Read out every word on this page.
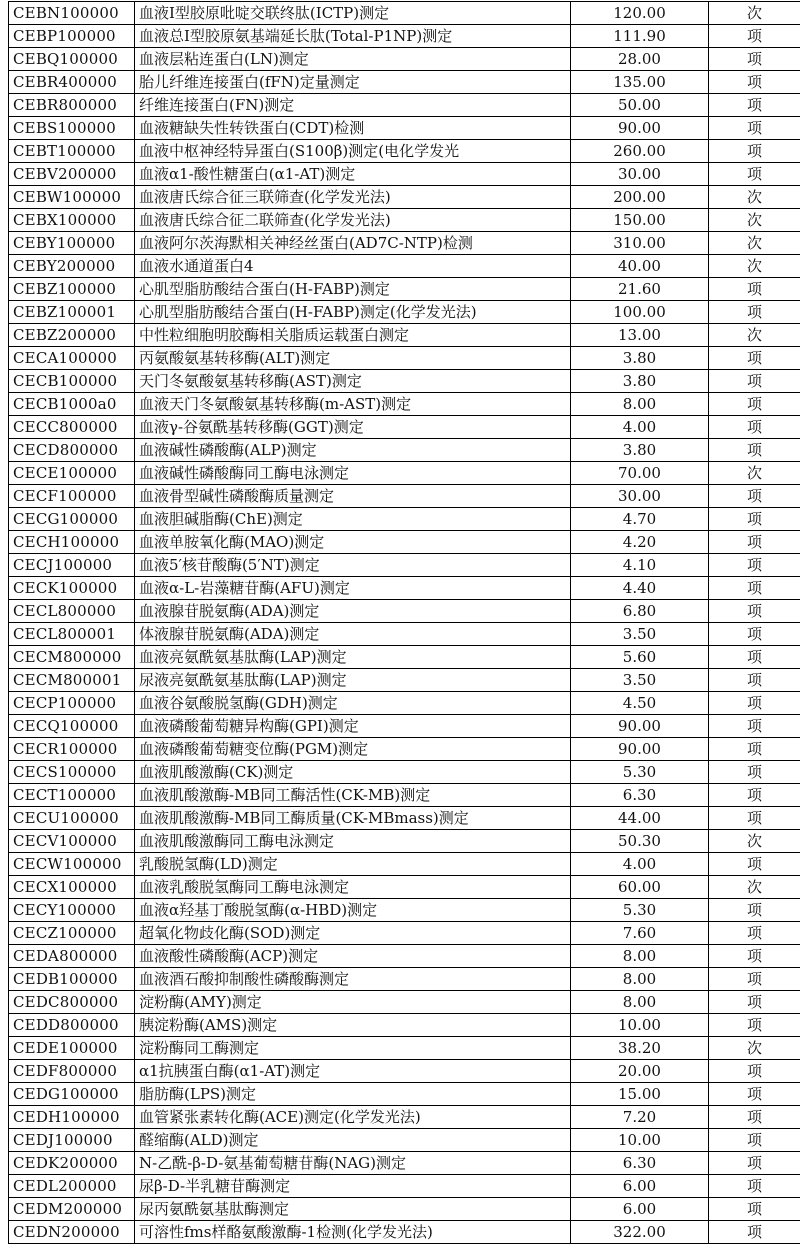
CEBN100000	血液Ⅰ型胶原吡啶交联终肽(ICTP)测定	120.00	次
CEBP100000	血液总Ⅰ型胶原氨基端延长肽(Total-P1NP)测定	111.90	项
CEBQ100000	血液层粘连蛋白(LN)测定	28.00	项
CEBR400000	胎儿纤维连接蛋白(fFN)定量测定	135.00	项
CEBR800000	纤维连接蛋白(FN)测定	50.00	项
CEBS100000	血液糖缺失性转铁蛋白(CDT)检测	90.00	项
CEBT100000	血液中枢神经特异蛋白(S100β)测定(电化学发光	260.00	项
CEBV200000	血液α1-酸性糖蛋白(α1-AT)测定	30.00	项
CEBW100000	血液唐氏综合征三联筛查(化学发光法)	200.00	次
CEBX100000	血液唐氏综合征二联筛查(化学发光法)	150.00	次
CEBY100000	血液阿尔茨海默相关神经丝蛋白(AD7C-NTP)检测	310.00	次
CEBY200000	血液水通道蛋白4	40.00	次
CEBZ100000	心肌型脂肪酸结合蛋白(H-FABP)测定	21.60	项
CEBZ100001	心肌型脂肪酸结合蛋白(H-FABP)测定(化学发光法)	100.00	项
CEBZ200000	中性粒细胞明胶酶相关脂质运载蛋白测定	13.00	次
CECA100000	丙氨酸氨基转移酶(ALT)测定	3.80	项
CECB100000	天门冬氨酸氨基转移酶(AST)测定	3.80	项
CECB1000a0	血液天门冬氨酸氨基转移酶(m-AST)测定	8.00	项
CECC800000	血液γ-谷氨酰基转移酶(GGT)测定	4.00	项
CECD800000	血液碱性磷酸酶(ALP)测定	3.80	项
CECE100000	血液碱性磷酸酶同工酶电泳测定	70.00	次
CECF100000	血液骨型碱性磷酸酶质量测定	30.00	项
CECG100000	血液胆碱脂酶(ChE)测定	4.70	项
CECH100000	血液单胺氧化酶(MAO)测定	4.20	项
CECJ100000	血液5′核苷酸酶(5′NT)测定	4.10	项
CECK100000	血液α-L-岩藻糖苷酶(AFU)测定	4.40	项
CECL800000	血液腺苷脱氨酶(ADA)测定	6.80	项
CECL800001	体液腺苷脱氨酶(ADA)测定	3.50	项
CECM800000	血液亮氨酰氨基肽酶(LAP)测定	5.60	项
CECM800001	尿液亮氨酰氨基肽酶(LAP)测定	3.50	项
CECP100000	血液谷氨酸脱氢酶(GDH)测定	4.50	项
CECQ100000	血液磷酸葡萄糖异构酶(GPI)测定	90.00	项
CECR100000	血液磷酸葡萄糖变位酶(PGM)测定	90.00	项
CECS100000	血液肌酸激酶(CK)测定	5.30	项
CECT100000	血液肌酸激酶-MB同工酶活性(CK-MB)测定	6.30	项
CECU100000	血液肌酸激酶-MB同工酶质量(CK-MBmass)测定	44.00	项
CECV100000	血液肌酸激酶同工酶电泳测定	50.30	次
CECW100000	乳酸脱氢酶(LD)测定	4.00	项
CECX100000	血液乳酸脱氢酶同工酶电泳测定	60.00	次
CECY100000	血液α羟基丁酸脱氢酶(α-HBD)测定	5.30	项
CECZ100000	超氧化物歧化酶(SOD)测定	7.60	项
CEDA800000	血液酸性磷酸酶(ACP)测定	8.00	项
CEDB100000	血液酒石酸抑制酸性磷酸酶测定	8.00	项
CEDC800000	淀粉酶(AMY)测定	8.00	项
CEDD800000	胰淀粉酶(AMS)测定	10.00	项
CEDE100000	淀粉酶同工酶测定	38.20	次
CEDF800000	α1抗胰蛋白酶(α1-AT)测定	20.00	项
CEDG100000	脂肪酶(LPS)测定	15.00	项
CEDH100000	血管紧张素转化酶(ACE)测定(化学发光法)	7.20	项
CEDJ100000	醛缩酶(ALD)测定	10.00	项
CEDK200000	N-乙酰-β-D-氨基葡萄糖苷酶(NAG)测定	6.30	项
CEDL200000	尿β-D-半乳糖苷酶测定	6.00	项
CEDM200000	尿丙氨酰氨基肽酶测定	6.00	项
CEDN200000	可溶性fms样酪氨酸激酶-1检测(化学发光法)	322.00	项
